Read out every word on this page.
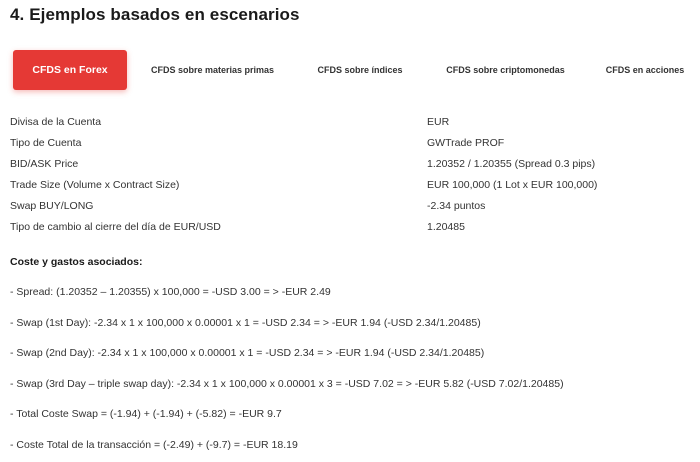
4. Ejemplos basados en escenarios
CFDS en Forex	CFDS sobre materias primas	CFDS sobre índices	CFDS sobre criptomonedas	CFDS en acciones
Divisa de la Cuenta	EUR
Tipo de Cuenta	GWTrade PROF
BID/ASK Price	1.20352 / 1.20355 (Spread 0.3 pips)
Trade Size (Volume x Contract Size)	EUR 100,000 (1 Lot x EUR 100,000)
Swap BUY/LONG	-2.34 puntos
Tipo de cambio al cierre del día de EUR/USD	1.20485
Coste y gastos asociados:
- Spread: (1.20352 – 1.20355) x 100,000 = -USD 3.00 = > -EUR 2.49
- Swap (1st Day): -2.34 x 1 x 100,000 x 0.00001 x 1 = -USD 2.34 = > -EUR 1.94 (-USD 2.34/1.20485)
- Swap (2nd Day): -2.34 x 1 x 100,000 x 0.00001 x 1 = -USD 2.34 = > -EUR 1.94 (-USD 2.34/1.20485)
- Swap (3rd Day – triple swap day): -2.34 x 1 x 100,000 x 0.00001 x 3 = -USD 7.02 = > -EUR 5.82 (-USD 7.02/1.20485)
- Total Coste Swap = (-1.94) + (-1.94) + (-5.82) = -EUR 9.7
- Coste Total de la transacción = (-2.49) + (-9.7) = -EUR 18.19
